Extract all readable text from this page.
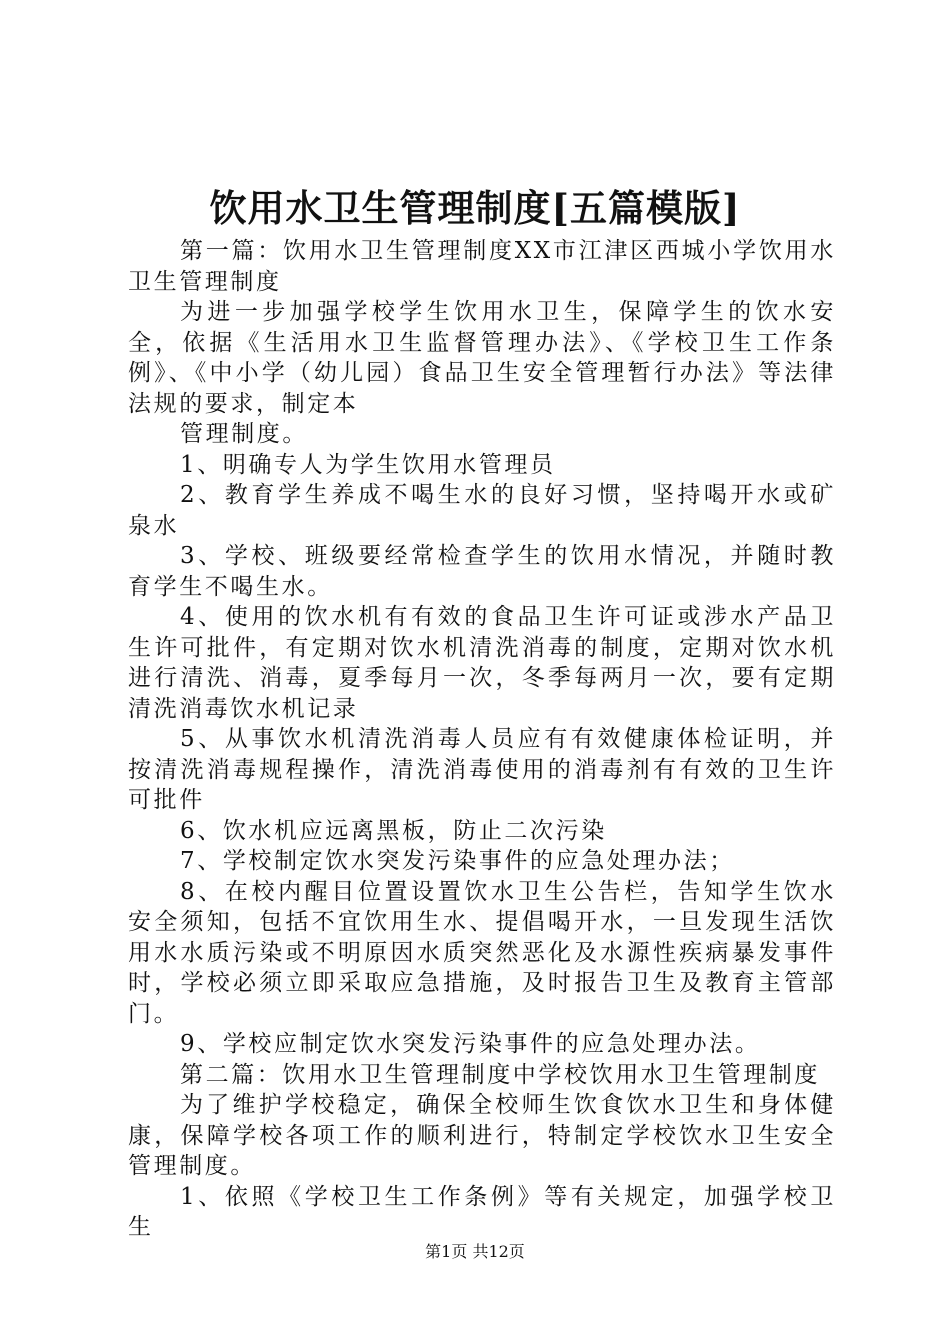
饮用水卫生管理制度[五篇模版]

第一篇：饮用水卫生管理制度XX市江津区西城小学饮用水卫生管理制度

为进一步加强学校学生饮用水卫生，保障学生的饮水安全，依据《生活用水卫生监督管理办法》、《学校卫生工作条例》、《中小学（幼儿园）食品卫生安全管理暂行办法》等法律法规的要求，制定本

管理制度。

1、明确专人为学生饮用水管理员

2、教育学生养成不喝生水的良好习惯，坚持喝开水或矿泉水

3、学校、班级要经常检查学生的饮用水情况，并随时教育学生不喝生水。

4、使用的饮水机有有效的食品卫生许可证或涉水产品卫生许可批件，有定期对饮水机清洗消毒的制度，定期对饮水机进行清洗、消毒，夏季每月一次，冬季每两月一次，要有定期清洗消毒饮水机记录

5、从事饮水机清洗消毒人员应有有效健康体检证明，并按清洗消毒规程操作，清洗消毒使用的消毒剂有有效的卫生许可批件

6、饮水机应远离黑板，防止二次污染

7、学校制定饮水突发污染事件的应急处理办法；

8、在校内醒目位置设置饮水卫生公告栏，告知学生饮水安全须知，包括不宜饮用生水、提倡喝开水，一旦发现生活饮用水水质污染或不明原因水质突然恶化及水源性疾病暴发事件时，学校必须立即采取应急措施，及时报告卫生及教育主管部门。

9、学校应制定饮水突发污染事件的应急处理办法。

第二篇：饮用水卫生管理制度中学校饮用水卫生管理制度

为了维护学校稳定，确保全校师生饮食饮水卫生和身体健康，保障学校各项工作的顺利进行，特制定学校饮水卫生安全管理制度。

1、依照《学校卫生工作条例》等有关规定，加强学校卫生

第1页 共12页
